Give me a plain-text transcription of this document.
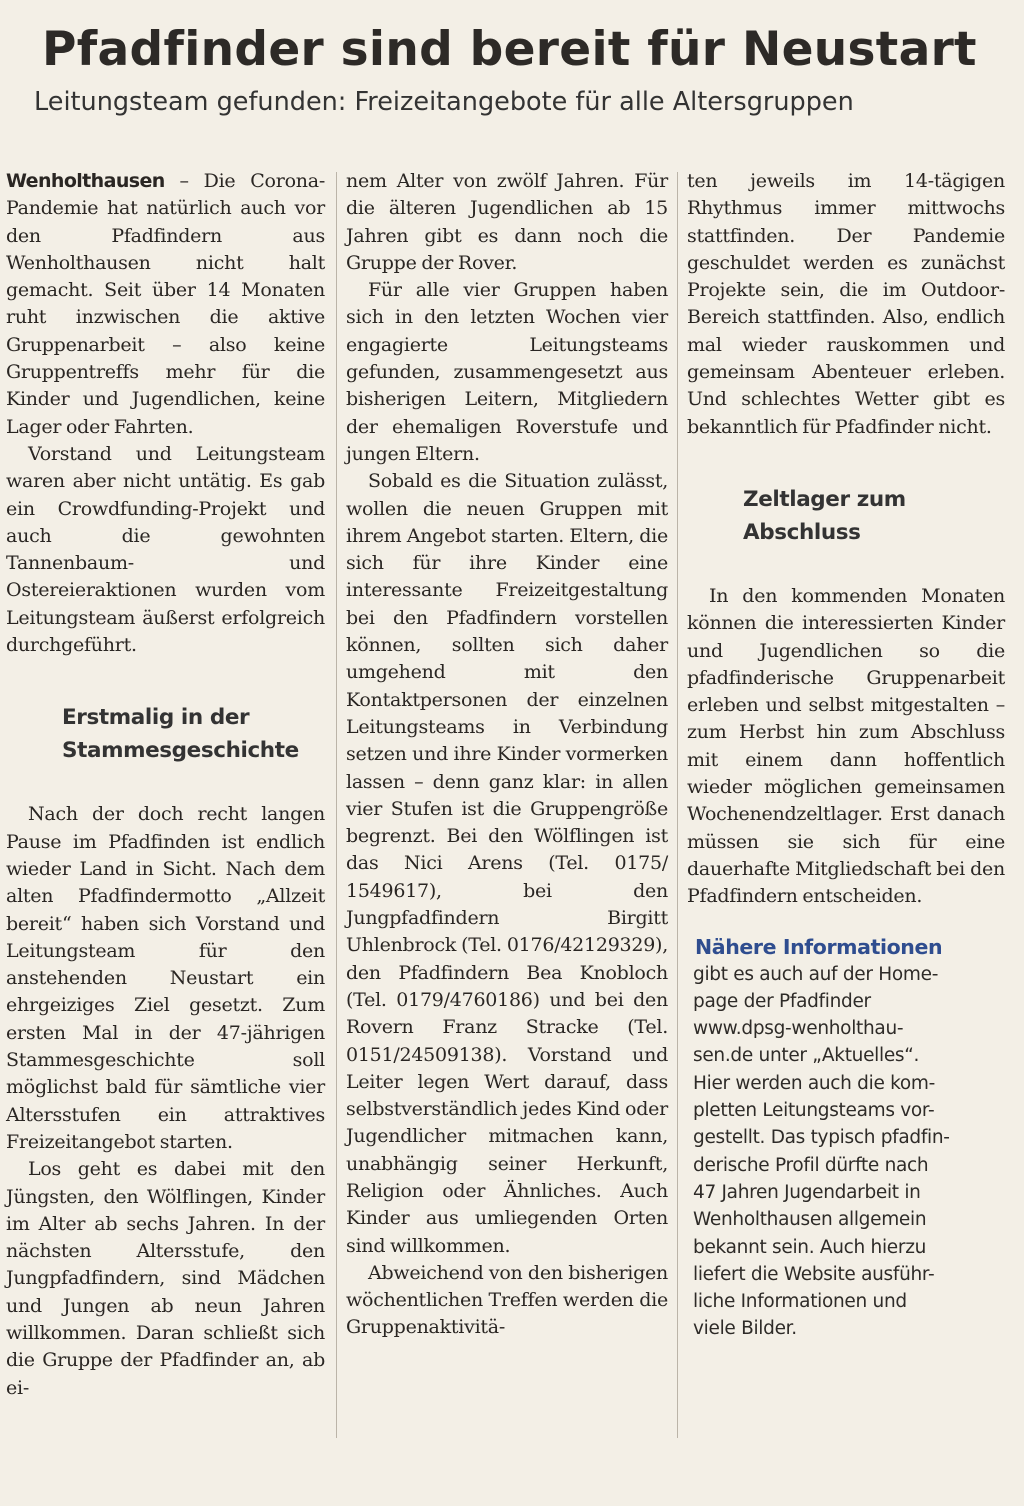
Pfadfinder sind bereit für Neustart
Leitungsteam gefunden: Freizeitangebote für alle Altersgruppen

Wenholthausen – Die Corona-Pandemie hat natürlich auch vor den Pfadfindern aus Wenholthausen nicht halt gemacht. Seit über 14 Monaten ruht inzwischen die aktive Gruppenarbeit – also keine Gruppentreffs mehr für die Kinder und Jugendlichen, keine Lager oder Fahrten.

Vorstand und Leitungsteam waren aber nicht untätig. Es gab ein Crowdfunding-Projekt und auch die gewohnten Tannenbaum- und Ostereieraktionen wurden vom Leitungsteam äußerst erfolgreich durchgeführt.

Erstmalig in der
Stammesgeschichte

Nach der doch recht langen Pause im Pfadfinden ist endlich wieder Land in Sicht. Nach dem alten Pfadfindermotto „Allzeit bereit“ haben sich Vorstand und Leitungsteam für den anstehenden Neustart ein ehrgeiziges Ziel gesetzt. Zum ersten Mal in der 47-jährigen Stammesgeschichte soll möglichst bald für sämtliche vier Altersstufen ein attraktives Freizeitangebot starten.

Los geht es dabei mit den Jüngsten, den Wölflingen, Kinder im Alter ab sechs Jahren. In der nächsten Altersstufe, den Jungpfadfindern, sind Mädchen und Jungen ab neun Jahren willkommen. Daran schließt sich die Gruppe der Pfadfinder an, ab ei-

nem Alter von zwölf Jahren. Für die älteren Jugendlichen ab 15 Jahren gibt es dann noch die Gruppe der Rover.

Für alle vier Gruppen haben sich in den letzten Wochen vier engagierte Leitungsteams gefunden, zusammengesetzt aus bisherigen Leitern, Mitgliedern der ehemaligen Roverstufe und jungen Eltern.

Sobald es die Situation zulässt, wollen die neuen Gruppen mit ihrem Angebot starten. Eltern, die sich für ihre Kinder eine interessante Freizeitgestaltung bei den Pfadfindern vorstellen können, sollten sich daher umgehend mit den Kontaktpersonen der einzelnen Leitungsteams in Verbindung setzen und ihre Kinder vormerken lassen – denn ganz klar: in allen vier Stufen ist die Gruppengröße begrenzt. Bei den Wölflingen ist das Nici Arens (Tel. 0175/ 1549617), bei den Jungpfadfindern Birgitt Uhlenbrock (Tel. 0176/42129329), den Pfadfindern Bea Knobloch (Tel. 0179/4760186) und bei den Rovern Franz Stracke (Tel. 0151/24509138). Vorstand und Leiter legen Wert darauf, dass selbstverständlich jedes Kind oder Jugendlicher mitmachen kann, unabhängig seiner Herkunft, Religion oder Ähnliches. Auch Kinder aus umliegenden Orten sind willkommen.

Abweichend von den bisherigen wöchentlichen Treffen werden die Gruppenaktivitä-

ten jeweils im 14-tägigen Rhythmus immer mittwochs stattfinden. Der Pandemie geschuldet werden es zunächst Projekte sein, die im Outdoor-Bereich stattfinden. Also, endlich mal wieder rauskommen und gemeinsam Abenteuer erleben. Und schlechtes Wetter gibt es bekanntlich für Pfadfinder nicht.

Zeltlager zum
Abschluss

In den kommenden Monaten können die interessierten Kinder und Jugendlichen so die pfadfinderische Gruppenarbeit erleben und selbst mitgestalten – zum Herbst hin zum Abschluss mit einem dann hoffentlich wieder möglichen gemeinsamen Wochenendzeltlager. Erst danach müssen sie sich für eine dauerhafte Mitgliedschaft bei den Pfadfindern entscheiden.

Nähere Informationen

gibt es auch auf der Home-
page der Pfadfinder
www.dpsg-wenholthau-
sen.de unter „Aktuelles“.
Hier werden auch die kom-
pletten Leitungsteams vor-
gestellt. Das typisch pfadfin-
derische Profil dürfte nach
47 Jahren Jugendarbeit in
Wenholthausen allgemein
bekannt sein. Auch hierzu
liefert die Website ausführ-
liche Informationen und
viele Bilder.
